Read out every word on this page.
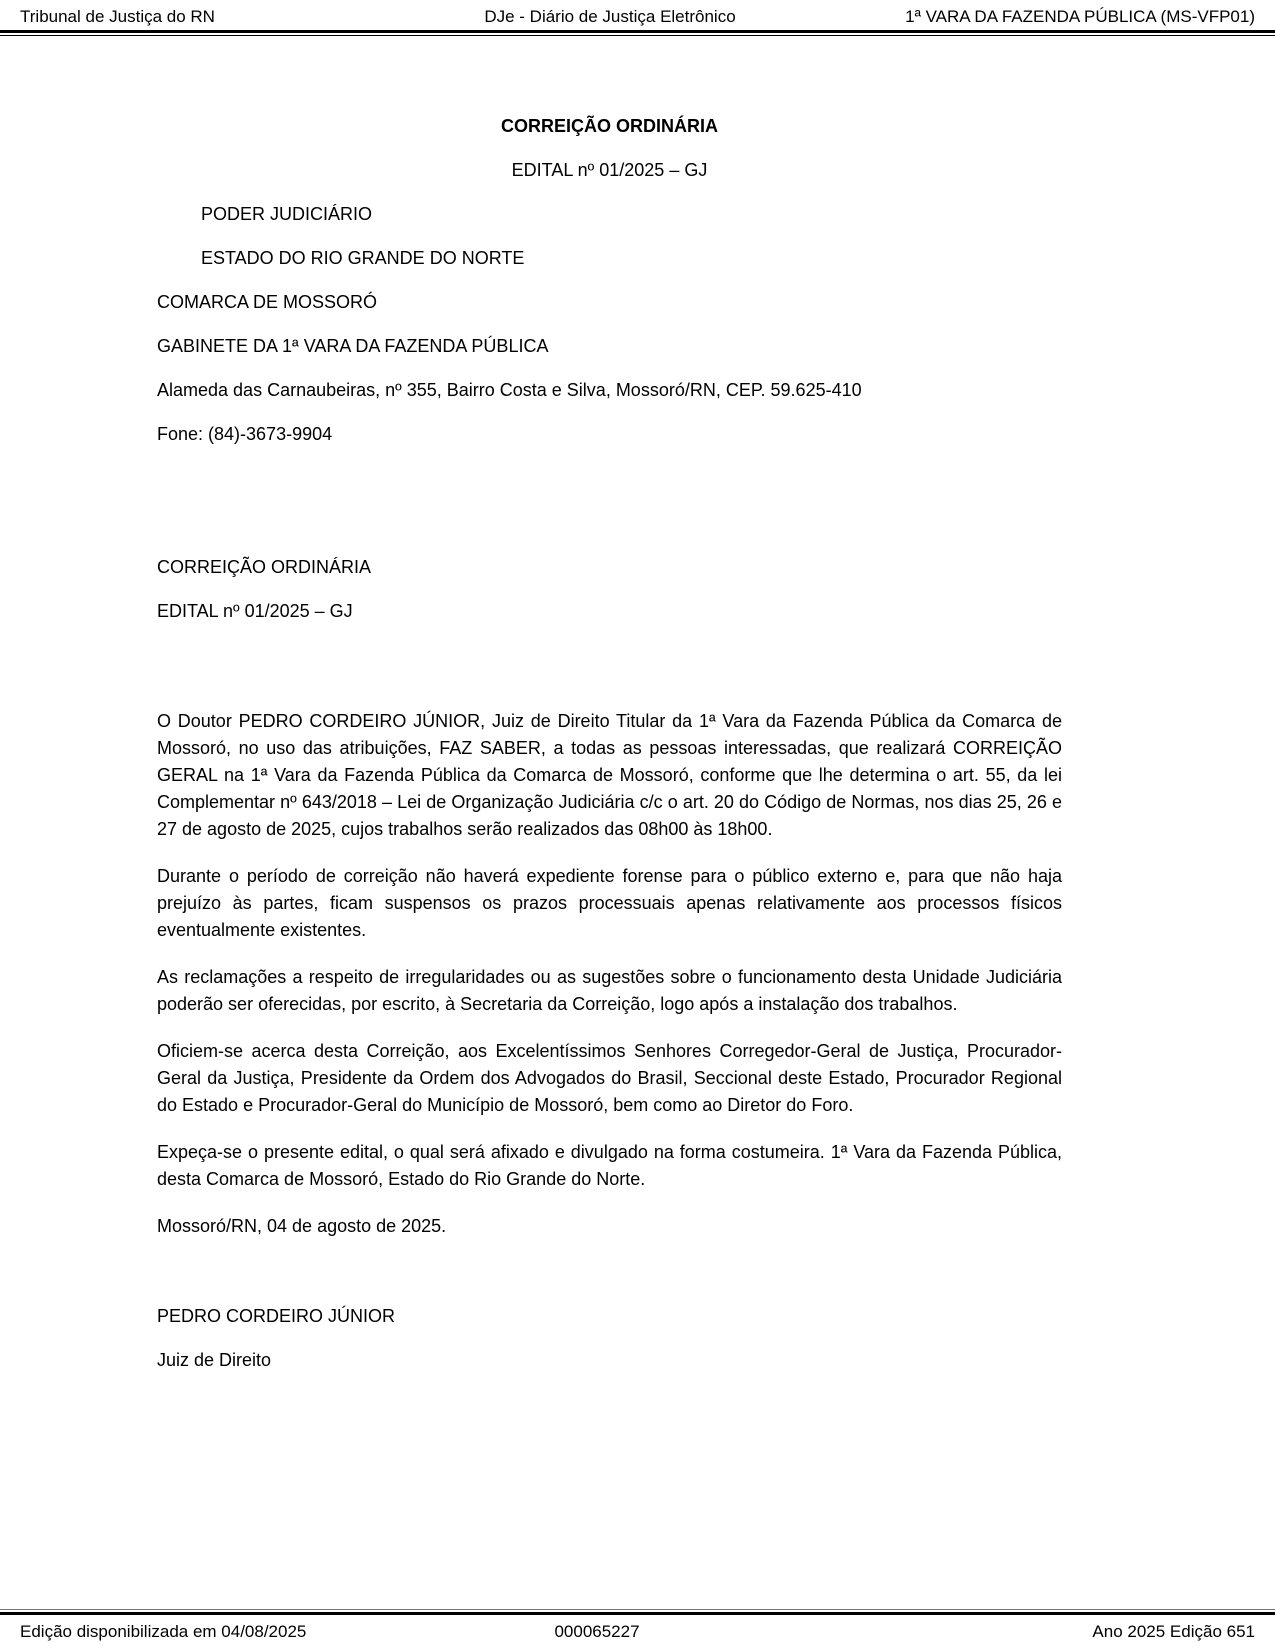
Tribunal de Justiça do RN	DJe - Diário de Justiça Eletrônico	1ª VARA DA FAZENDA PÚBLICA (MS-VFP01)

CORREIÇÃO ORDINÁRIA

EDITAL nº 01/2025 – GJ

PODER JUDICIÁRIO

ESTADO DO RIO GRANDE DO NORTE

COMARCA DE MOSSORÓ

GABINETE DA 1ª VARA DA FAZENDA PÚBLICA

Alameda das Carnaubeiras, nº 355, Bairro Costa e Silva, Mossoró/RN, CEP. 59.625-410

Fone: (84)-3673-9904

CORREIÇÃO ORDINÁRIA

EDITAL nº 01/2025 – GJ

O Doutor PEDRO CORDEIRO JÚNIOR, Juiz de Direito Titular da 1ª Vara da Fazenda Pública da Comarca de Mossoró, no uso das atribuições, FAZ SABER, a todas as pessoas interessadas, que realizará CORREIÇÃO GERAL na 1ª Vara da Fazenda Pública da Comarca de Mossoró, conforme que lhe determina o art. 55, da lei Complementar nº 643/2018 – Lei de Organização Judiciária c/c o art. 20 do Código de Normas, nos dias 25, 26 e 27 de agosto de 2025, cujos trabalhos serão realizados das 08h00 às 18h00.

Durante o período de correição não haverá expediente forense para o público externo e, para que não haja prejuízo às partes, ficam suspensos os prazos processuais apenas relativamente aos processos físicos eventualmente existentes.

As reclamações a respeito de irregularidades ou as sugestões sobre o funcionamento desta Unidade Judiciária poderão ser oferecidas, por escrito, à Secretaria da Correição, logo após a instalação dos trabalhos.

Oficiem-se acerca desta Correição, aos Excelentíssimos Senhores Corregedor-Geral de Justiça, Procurador-Geral da Justiça, Presidente da Ordem dos Advogados do Brasil, Seccional deste Estado, Procurador Regional do Estado e Procurador-Geral do Município de Mossoró, bem como ao Diretor do Foro.

Expeça-se o presente edital, o qual será afixado e divulgado na forma costumeira. 1ª Vara da Fazenda Pública, desta Comarca de Mossoró, Estado do Rio Grande do Norte.

Mossoró/RN, 04 de agosto de 2025.

PEDRO CORDEIRO JÚNIOR

Juiz de Direito

Edição disponibilizada em 04/08/2025	000065227	Ano 2025 Edição 651
